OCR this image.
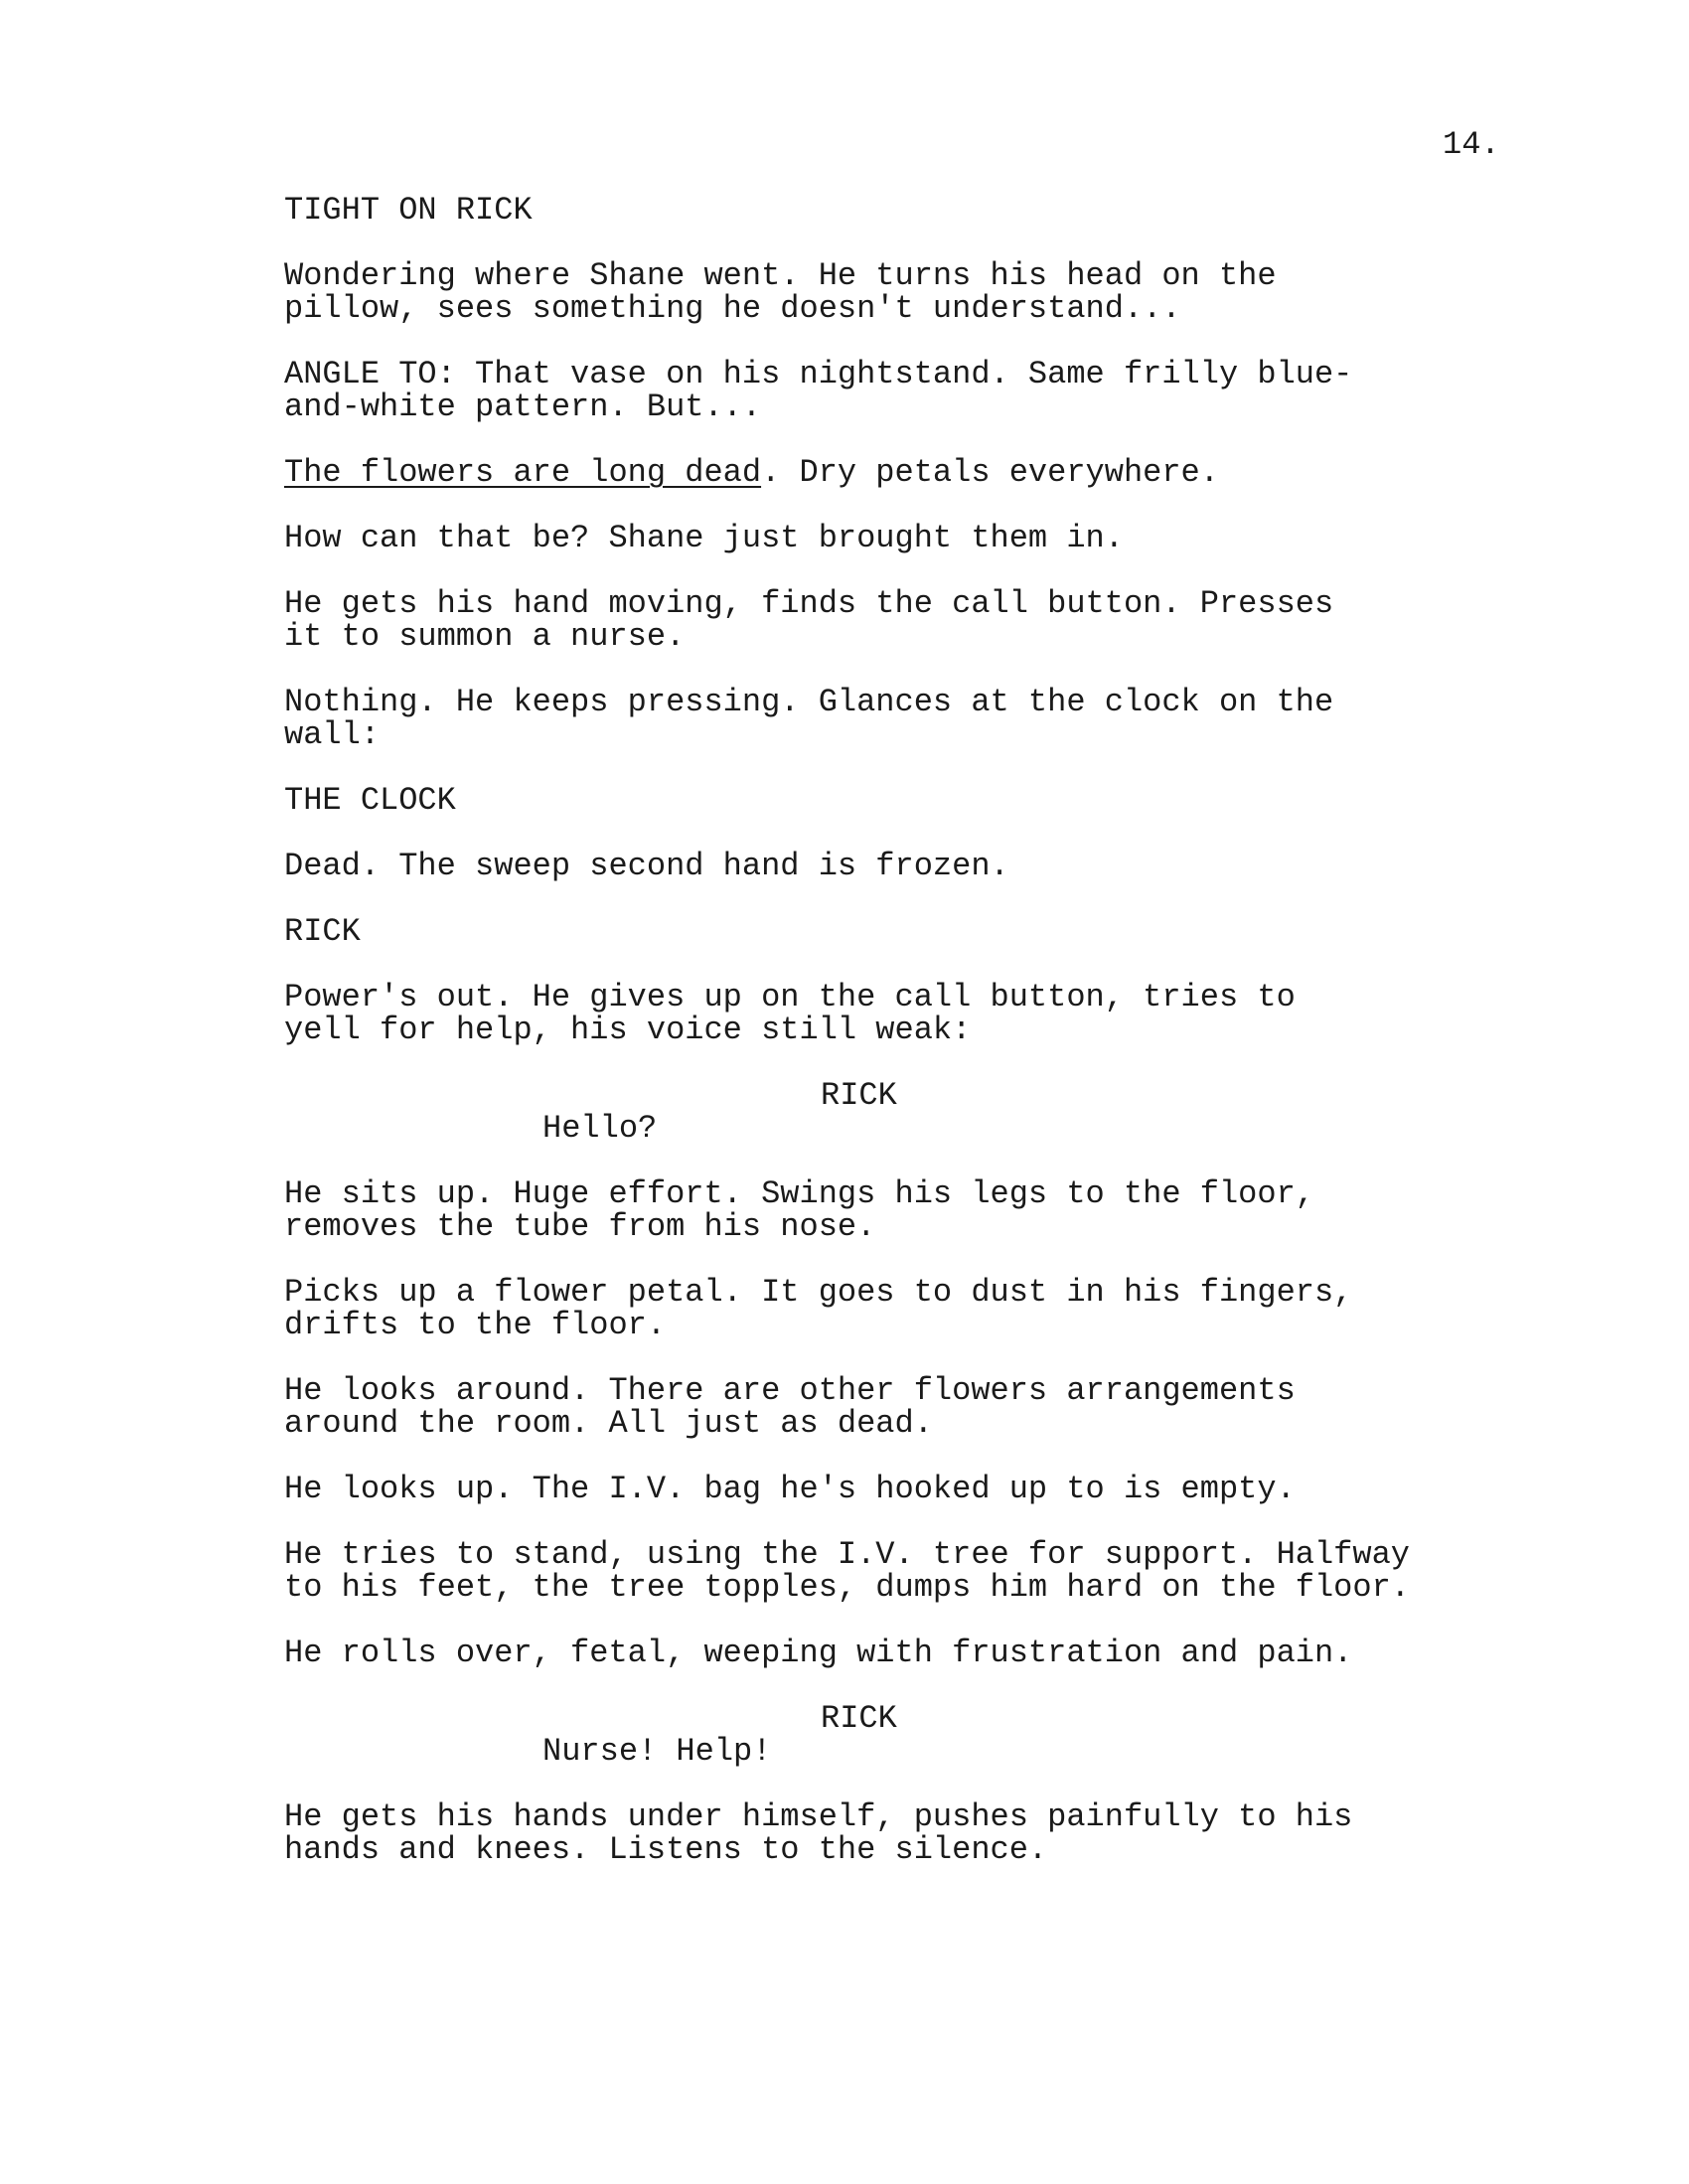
14.
TIGHT ON RICK
Wondering where Shane went. He turns his head on the
pillow, sees something he doesn't understand...
ANGLE TO: That vase on his nightstand. Same frilly blue-
and-white pattern. But...
The flowers are long dead. Dry petals everywhere.
How can that be? Shane just brought them in.
He gets his hand moving, finds the call button. Presses
it to summon a nurse.
Nothing. He keeps pressing. Glances at the clock on the
wall:
THE CLOCK
Dead. The sweep second hand is frozen.
RICK
Power's out. He gives up on the call button, tries to
yell for help, his voice still weak:
RICK
Hello?
He sits up. Huge effort. Swings his legs to the floor,
removes the tube from his nose.
Picks up a flower petal. It goes to dust in his fingers,
drifts to the floor.
He looks around. There are other flowers arrangements
around the room. All just as dead.
He looks up. The I.V. bag he's hooked up to is empty.
He tries to stand, using the I.V. tree for support. Halfway
to his feet, the tree topples, dumps him hard on the floor.
He rolls over, fetal, weeping with frustration and pain.
RICK
Nurse! Help!
He gets his hands under himself, pushes painfully to his
hands and knees. Listens to the silence.
